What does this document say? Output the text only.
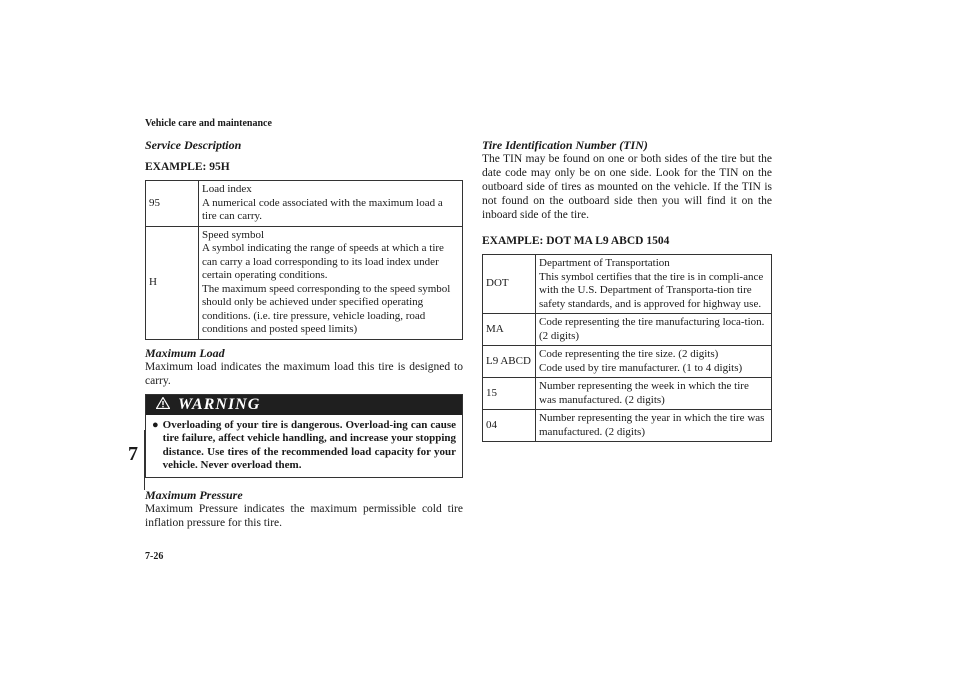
Vehicle care and maintenance
7
7-26
Service Description
EXAMPLE: 95H
95	Load index
A numerical code associated with the maximum load a tire can carry.

H	Speed symbol
A symbol indicating the range of speeds at which a tire can carry a load corresponding to its load index under certain operating conditions.
The maximum speed corresponding to the speed symbol should only be achieved under specified operating conditions. (i.e. tire pressure, vehicle loading, road conditions and posted speed limits)
Maximum Load
Maximum load indicates the maximum load this tire is designed to carry.
WARNING
● Overloading of your tire is dangerous. Overload-ing can cause tire failure, affect vehicle handling, and increase your stopping distance. Use tires of the recommended load capacity for your vehicle. Never overload them.
Maximum Pressure
Maximum Pressure indicates the maximum permissible cold tire inflation pressure for this tire.
Tire Identification Number (TIN)
The TIN may be found on one or both sides of the tire but the date code may only be on one side. Look for the TIN on the outboard side of tires as mounted on the vehicle. If the TIN is not found on the outboard side then you will find it on the inboard side of the tire.
EXAMPLE: DOT MA L9 ABCD 1504
DOT	Department of Transportation
This symbol certifies that the tire is in compli-ance with the U.S. Department of Transporta-tion tire safety standards, and is approved for highway use.

MA	Code representing the tire manufacturing loca-tion. (2 digits)

L9 ABCD	Code representing the tire size. (2 digits)
Code used by tire manufacturer. (1 to 4 digits)

15	Number representing the week in which the tire was manufactured. (2 digits)

04	Number representing the year in which the tire was manufactured. (2 digits)
